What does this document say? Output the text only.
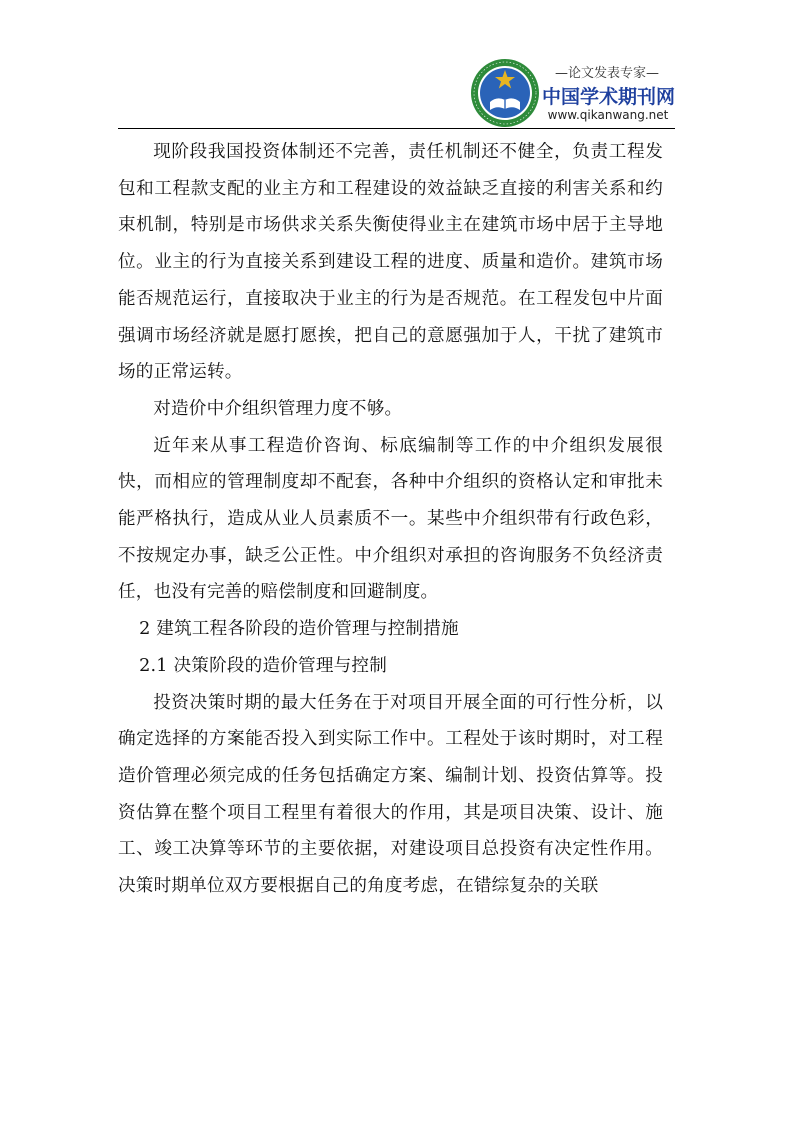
—论文发表专家—
中国学术期刊网
www.qikanwang.net

现阶段我国投资体制还不完善，责任机制还不健全，负责工程发包和工程款支配的业主方和工程建设的效益缺乏直接的利害关系和约束机制，特别是市场供求关系失衡使得业主在建筑市场中居于主导地位。业主的行为直接关系到建设工程的进度、质量和造价。建筑市场能否规范运行，直接取决于业主的行为是否规范。在工程发包中片面强调市场经济就是愿打愿挨，把自己的意愿强加于人，干扰了建筑市场的正常运转。

对造价中介组织管理力度不够。

近年来从事工程造价咨询、标底编制等工作的中介组织发展很快，而相应的管理制度却不配套，各种中介组织的资格认定和审批未能严格执行，造成从业人员素质不一。某些中介组织带有行政色彩，不按规定办事，缺乏公正性。中介组织对承担的咨询服务不负经济责任，也没有完善的赔偿制度和回避制度。

2 建筑工程各阶段的造价管理与控制措施

2.1 决策阶段的造价管理与控制

投资决策时期的最大任务在于对项目开展全面的可行性分析，以确定选择的方案能否投入到实际工作中。工程处于该时期时，对工程造价管理必须完成的任务包括确定方案、编制计划、投资估算等。投资估算在整个项目工程里有着很大的作用，其是项目决策、设计、施工、竣工决算等环节的主要依据，对建设项目总投资有决定性作用。决策时期单位双方要根据自己的角度考虑，在错综复杂的关联
